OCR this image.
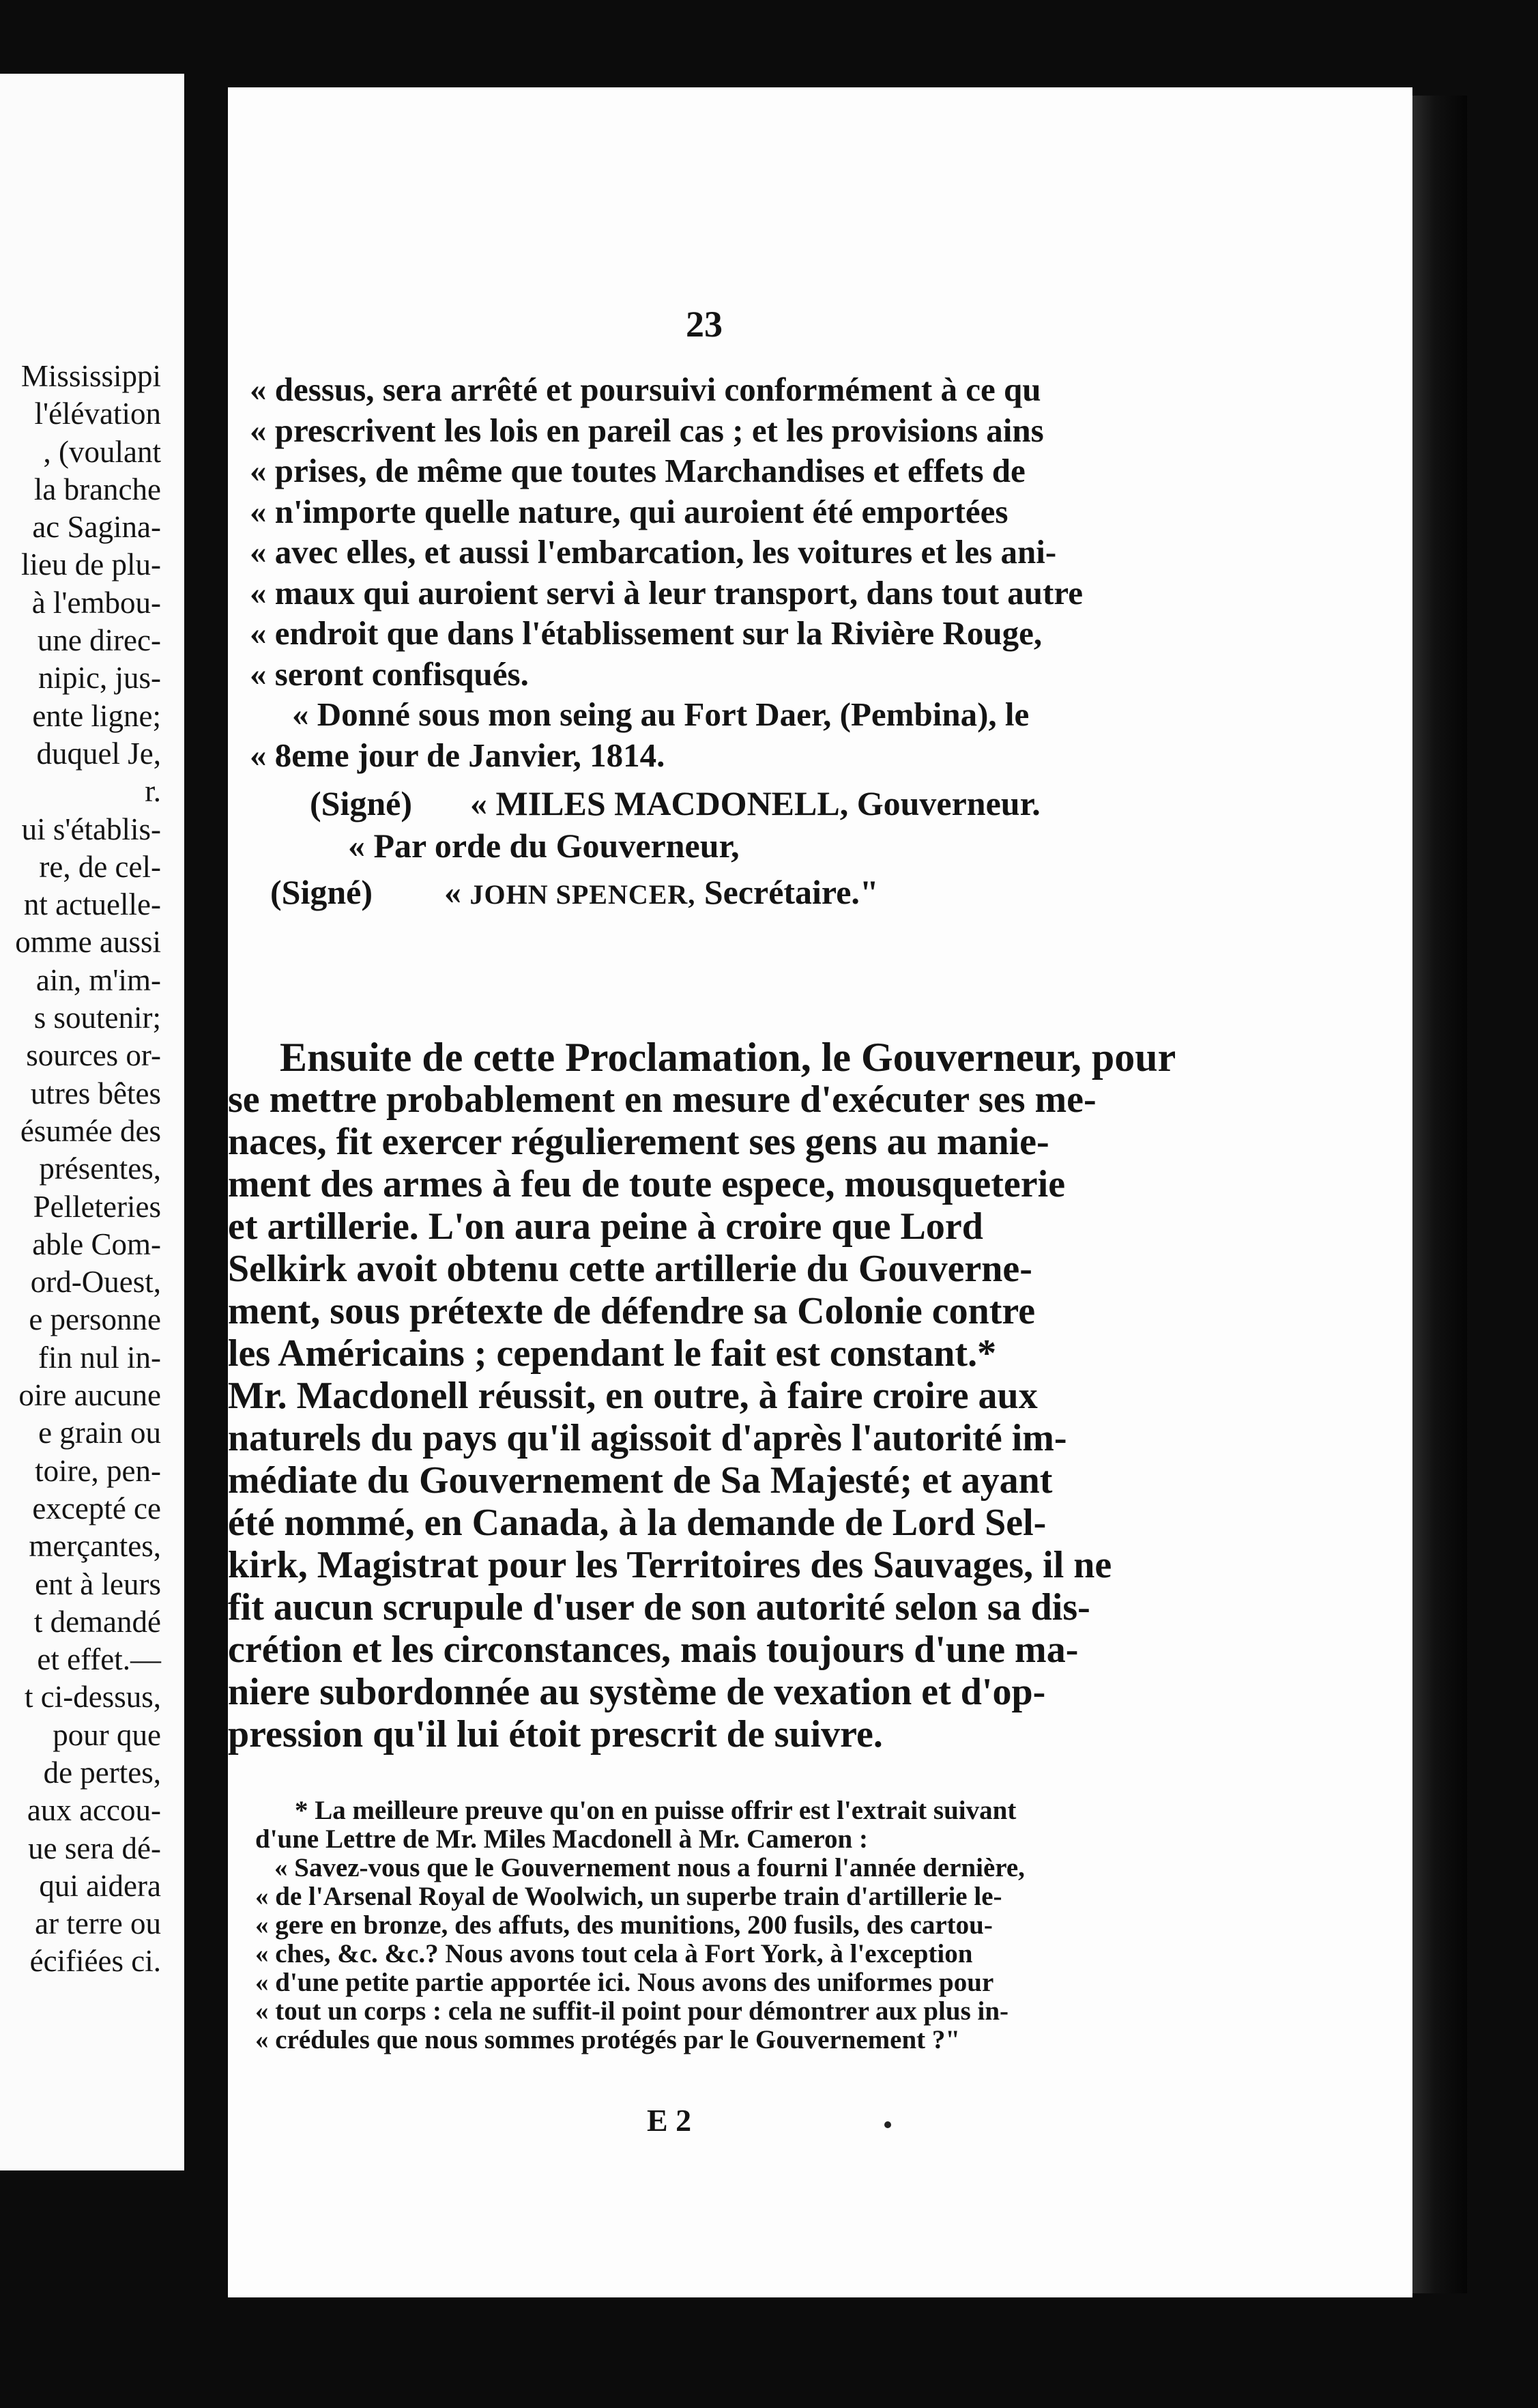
Mississippi
l'élévation
, (voulant
la branche
ac Sagina-
lieu de plu-
à l'embou-
une direc-
nipic, jus-
ente ligne;
duquel Je,
r.
ui s'établis-
re, de cel-
nt actuelle-
omme aussi
ain, m'im-
s soutenir;
sources or-
utres bêtes
ésumée des
présentes,
Pelleteries
able Com-
ord-Ouest,
e personne
fin nul in-
oire aucune
e grain ou
toire, pen-
excepté ce
merçantes,
ent à leurs
t demandé
et effet.—
t ci-dessus,
pour que
de pertes,
aux accou-
ue sera dé-
qui aidera
ar terre ou
écifiées ci.
23
« dessus, sera arrêté et poursuivi conformément à ce qu
« prescrivent les lois en pareil cas ; et les provisions ains
« prises, de même que toutes Marchandises et effets de
« n'importe quelle nature, qui auroient été emportées
« avec elles, et aussi l'embarcation, les voitures et les ani-
« maux qui auroient servi à leur transport, dans tout autre
« endroit que dans l'établissement sur la Rivière Rouge,
« seront confisqués.
« Donné sous mon seing au Fort Daer, (Pembina), le
« 8eme jour de Janvier, 1814.
(Signé) « MILES MACDONELL, Gouverneur.
« Par orde du Gouverneur,
(Signé) « JOHN SPENCER, Secrétaire."
Ensuite de cette Proclamation, le Gouverneur, pour
se mettre probablement en mesure d'exécuter ses me-
naces, fit exercer régulierement ses gens au manie-
ment des armes à feu de toute espece, mousqueterie
et artillerie. L'on aura peine à croire que Lord
Selkirk avoit obtenu cette artillerie du Gouverne-
ment, sous prétexte de défendre sa Colonie contre
les Américains ; cependant le fait est constant.*
Mr. Macdonell réussit, en outre, à faire croire aux
naturels du pays qu'il agissoit d'après l'autorité im-
médiate du Gouvernement de Sa Majesté; et ayant
été nommé, en Canada, à la demande de Lord Sel-
kirk, Magistrat pour les Territoires des Sauvages, il ne
fit aucun scrupule d'user de son autorité selon sa dis-
crétion et les circonstances, mais toujours d'une ma-
niere subordonnée au système de vexation et d'op-
pression qu'il lui étoit prescrit de suivre.
* La meilleure preuve qu'on en puisse offrir est l'extrait suivant
d'une Lettre de Mr. Miles Macdonell à Mr. Cameron :
« Savez-vous que le Gouvernement nous a fourni l'année dernière,
« de l'Arsenal Royal de Woolwich, un superbe train d'artillerie le-
« gere en bronze, des affuts, des munitions, 200 fusils, des cartou-
« ches, &c. &c.? Nous avons tout cela à Fort York, à l'exception
« d'une petite partie apportée ici. Nous avons des uniformes pour
« tout un corps : cela ne suffit-il point pour démontrer aux plus in-
« crédules que nous sommes protégés par le Gouvernement ?"
E 2
